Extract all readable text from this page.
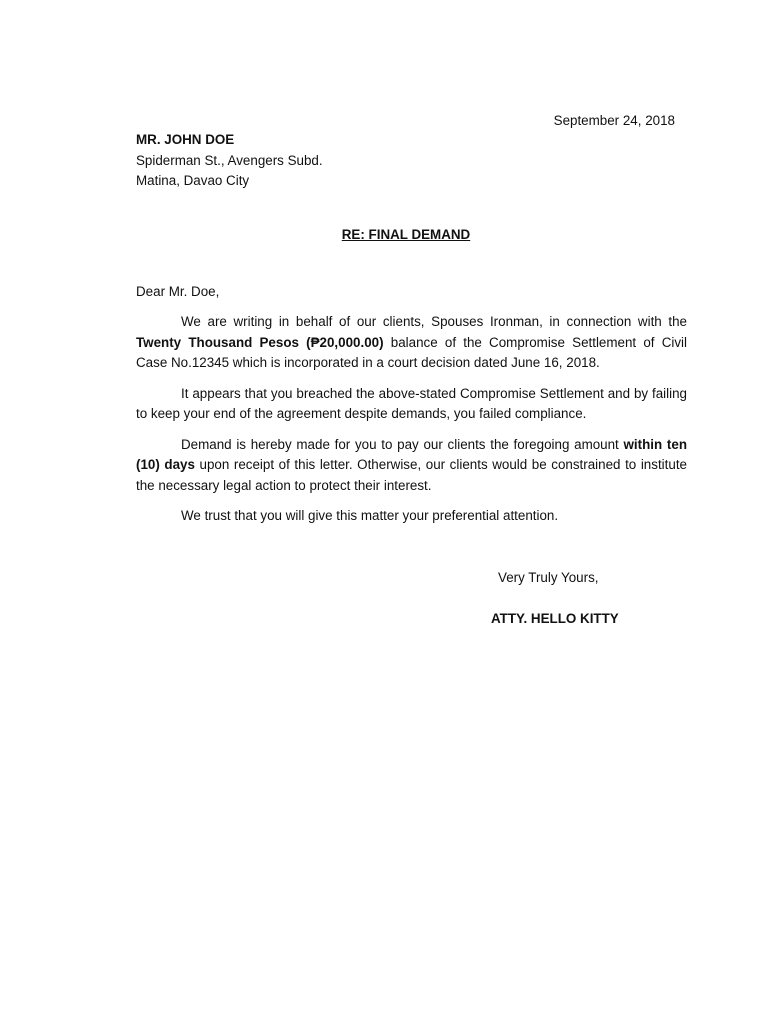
September 24, 2018
MR. JOHN DOE
Spiderman St., Avengers Subd.
Matina, Davao City
RE: FINAL DEMAND
Dear Mr. Doe,

We are writing in behalf of our clients, Spouses Ironman, in connection with the Twenty Thousand Pesos (₱20,000.00) balance of the Compromise Settlement of Civil Case No.12345 which is incorporated in a court decision dated June 16, 2018.

It appears that you breached the above-stated Compromise Settlement and by failing to keep your end of the agreement despite demands, you failed compliance.

Demand is hereby made for you to pay our clients the foregoing amount within ten (10) days upon receipt of this letter. Otherwise, our clients would be constrained to institute the necessary legal action to protect their interest.

We trust that you will give this matter your preferential attention.

Very Truly Yours,
ATTY. HELLO KITTY
